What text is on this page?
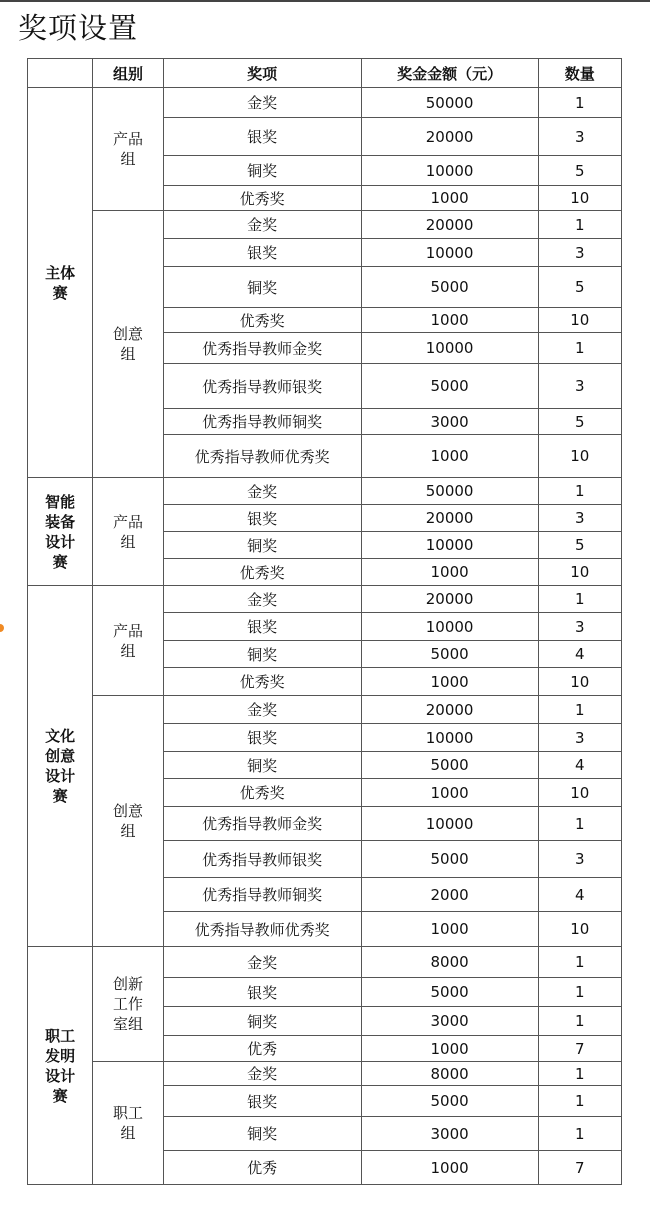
奖项设置
	组别	奖项	奖金金额（元）	数量
主体赛	产品组	金奖	50000	1
		银奖	20000	3
		铜奖	10000	5
		优秀奖	1000	10
	创意组	金奖	20000	1
		银奖	10000	3
		铜奖	5000	5
		优秀奖	1000	10
		优秀指导教师金奖	10000	1
		优秀指导教师银奖	5000	3
		优秀指导教师铜奖	3000	5
		优秀指导教师优秀奖	1000	10
智能装备设计赛	产品组	金奖	50000	1
		银奖	20000	3
		铜奖	10000	5
		优秀奖	1000	10
文化创意设计赛	产品组	金奖	20000	1
		银奖	10000	3
		铜奖	5000	4
		优秀奖	1000	10
	创意组	金奖	20000	1
		银奖	10000	3
		铜奖	5000	4
		优秀奖	1000	10
		优秀指导教师金奖	10000	1
		优秀指导教师银奖	5000	3
		优秀指导教师铜奖	2000	4
		优秀指导教师优秀奖	1000	10
职工发明设计赛	创新工作室组	金奖	8000	1
		银奖	5000	1
		铜奖	3000	1
		优秀	1000	7
	职工组	金奖	8000	1
		银奖	5000	1
		铜奖	3000	1
		优秀	1000	7
